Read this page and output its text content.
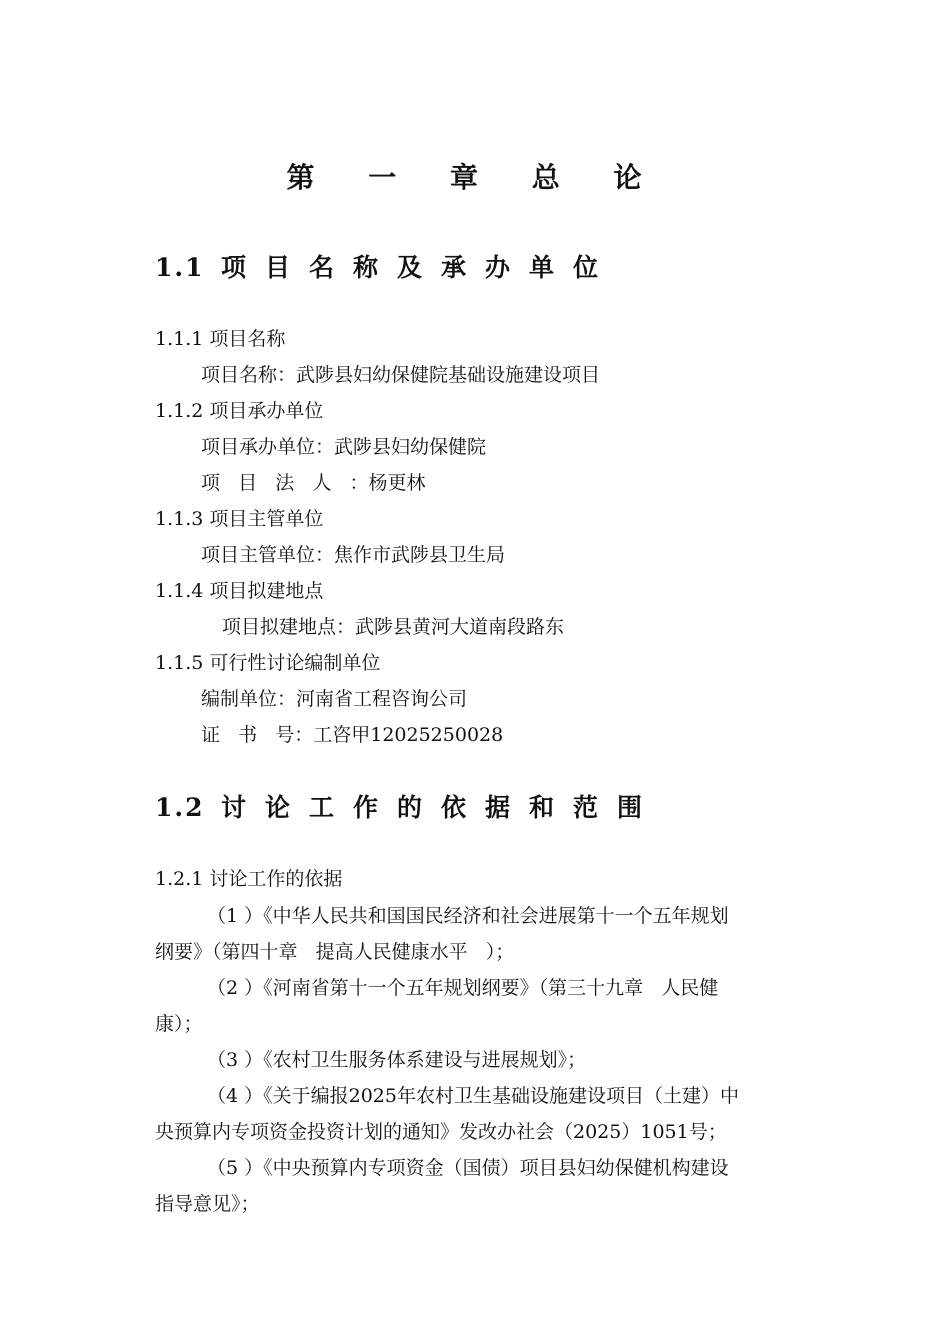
第 一 章 总 论
1.1 项目名称及承办单位
1.1.1 项目名称
项目名称：武陟县妇幼保健院基础设施建设项目
1.1.2 项目承办单位
项目承办单位：武陟县妇幼保健院
项   目   法   人   ：杨更林
1.1.3 项目主管单位
项目主管单位：焦作市武陟县卫生局
1.1.4 项目拟建地点
项目拟建地点：武陟县黄河大道南段路东
1.1.5 可行性讨论编制单位
编制单位：河南省工程咨询公司
证   书   号：工咨甲12025250028
1.2 讨论工作的依据和范围
1.2.1 讨论工作的依据
（1 ）《中华人民共和国国民经济和社会进展第十一个五年规划
纲要》（第四十章   提高人民健康水平   ）；
（2 ）《河南省第十一个五年规划纲要》（第三十九章   人民健
康）；
（3 ）《农村卫生服务体系建设与进展规划》；
（4 ）《关于编报2025年农村卫生基础设施建设项目（土建）中
央预算内专项资金投资计划的通知》发改办社会（2025）1051号；
（5 ）《中央预算内专项资金（国债）项目县妇幼保健机构建设
指导意见》；
